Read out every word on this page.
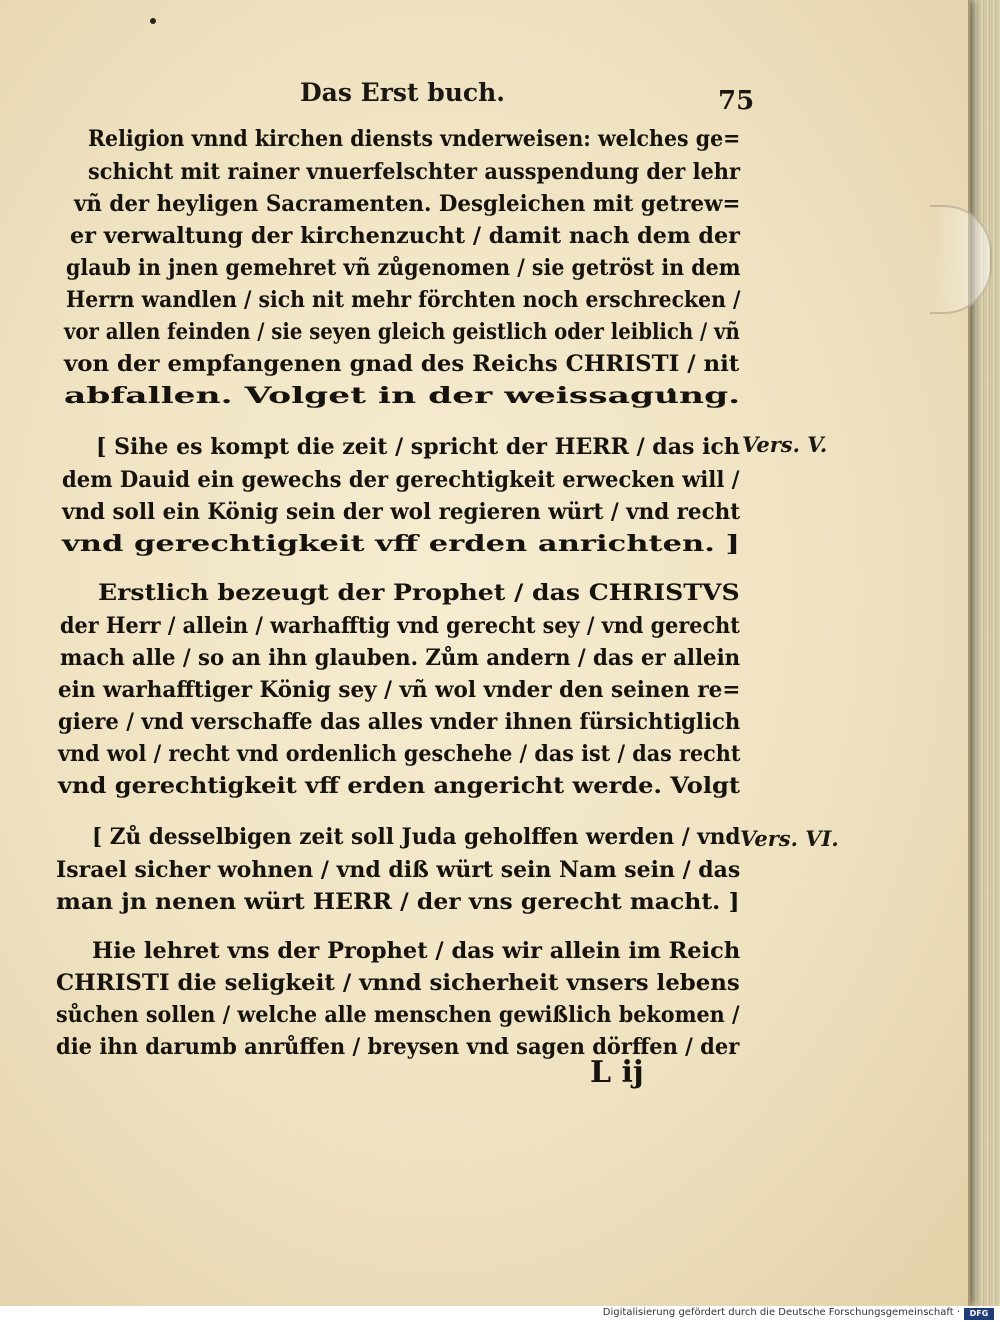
Das Erst buch.	75
Religion vnnd kirchen diensts vnderweisen: welches ge=
schicht mit rainer vnuerfelschter ausspendung der lehr
vñ der heyligen Sacramenten. Desgleichen mit getrew=
er verwaltung der kirchenzucht / damit nach dem der
glaub in jnen gemehret vñ zůgenomen / sie getröst in dem
Herrn wandlen / sich nit mehr förchten noch erschrecken /
vor allen feinden / sie seyen gleich geistlich oder leiblich / vñ
von der empfangenen gnad des Reichs CHRISTI / nit
abfallen. Volget in der weissagung.
[ Sihe es kompt die zeit / spricht der HERR / das ich Vers. V.
dem Dauid ein gewechs der gerechtigkeit erwecken will /
vnd soll ein König sein der wol regieren würt / vnd recht
vnd gerechtigkeit vff erden anrichten. ]
Erstlich bezeugt der Prophet / das CHRISTVS
der Herr / allein / warhafftig vnd gerecht sey / vnd gerecht
mach alle / so an ihn glauben. Zům andern / das er allein
ein warhafftiger König sey / vñ wol vnder den seinen re=
giere / vnd verschaffe das alles vnder ihnen fürsichtiglich
vnd wol / recht vnd ordenlich geschehe / das ist / das recht
vnd gerechtigkeit vff erden angericht werde. Volgt
[ Zů desselbigen zeit soll Juda geholffen werden / vnd Vers. VI.
Israel sicher wohnen / vnd diß würt sein Nam sein / das
man jn nenen würt HERR / der vns gerecht macht. ]
Hie lehret vns der Prophet / das wir allein im Reich
CHRISTI die seligkeit / vnnd sicherheit vnsers lebens
sůchen sollen / welche alle menschen gewißlich bekomen /
die ihn darumb anrůffen / breysen vnd sagen dörffen / der
L ij
Digitalisierung gefördert durch die Deutsche Forschungsgemeinschaft ·	DFG
